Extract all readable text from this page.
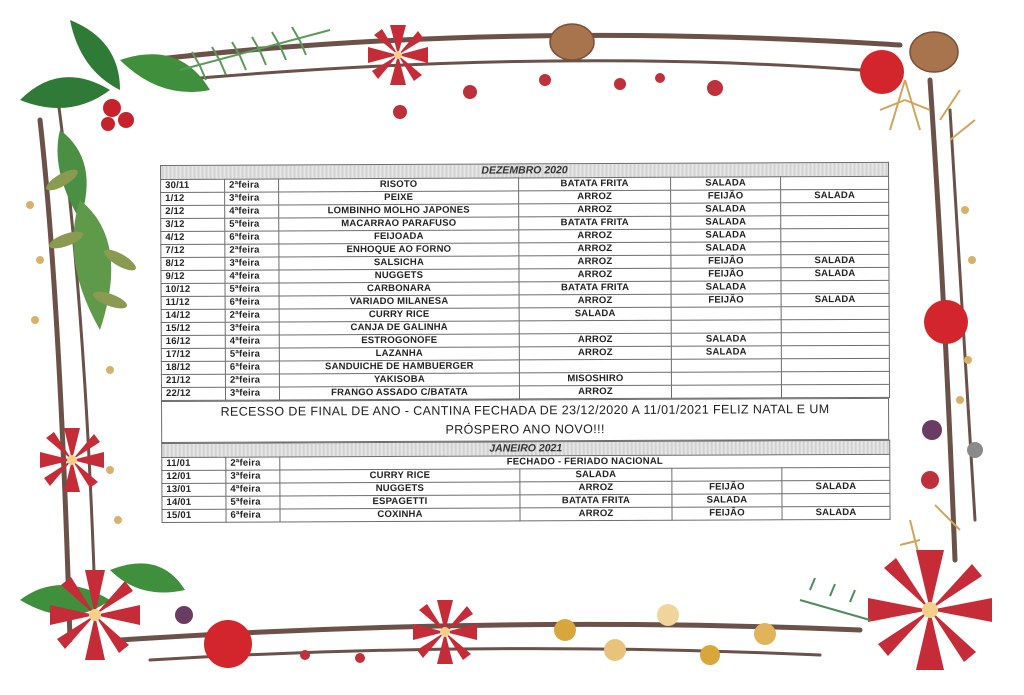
DEZEMBRO 2020					
30/11	2ªfeira	RISOTO	BATATA FRITA	SALADA	
1/12	3ªfeira	PEIXE	ARROZ	FEIJÃO	SALADA
2/12	4ªfeira	LOMBINHO MOLHO JAPONES	ARROZ	SALADA	
3/12	5ªfeira	MACARRAO PARAFUSO	BATATA FRITA	SALADA	
4/12	6ªfeira	FEIJOADA	ARROZ	SALADA	
7/12	2ªfeira	ENHOQUE AO FORNO	ARROZ	SALADA	
8/12	3ªfeira	SALSICHA	ARROZ	FEIJÃO	SALADA
9/12	4ªfeira	NUGGETS	ARROZ	FEIJÃO	SALADA
10/12	5ªfeira	CARBONARA	BATATA FRITA	SALADA	
11/12	6ªfeira	VARIADO MILANESA	ARROZ	FEIJÃO	SALADA
14/12	2ªfeira	CURRY RICE	SALADA		
15/12	3ªfeira	CANJA DE GALINHA			
16/12	4ªfeira	ESTROGONOFE	ARROZ	SALADA	
17/12	5ªfeira	LAZANHA	ARROZ	SALADA	
18/12	6ªfeira	SANDUICHE DE HAMBUERGER			
21/12	2ªfeira	YAKISOBA	MISOSHIRO		
22/12	3ªfeira	FRANGO ASSADO C/BATATA	ARROZ		
RECESSO DE FINAL DE ANO - CANTINA FECHADA DE 23/12/2020 A 11/01/2021 FELIZ NATAL E UM
PRÓSPERO ANO NOVO!!!
JANEIRO 2021					
11/01	2ªfeira	FECHADO - FERIADO NACIONAL			
12/01	3ªfeira	CURRY RICE	SALADA		
13/01	4ªfeira	NUGGETS	ARROZ	FEIJÃO	SALADA
14/01	5ªfeira	ESPAGETTI	BATATA FRITA	SALADA	
15/01	6ªfeira	COXINHA	ARROZ	FEIJÃO	SALADA
